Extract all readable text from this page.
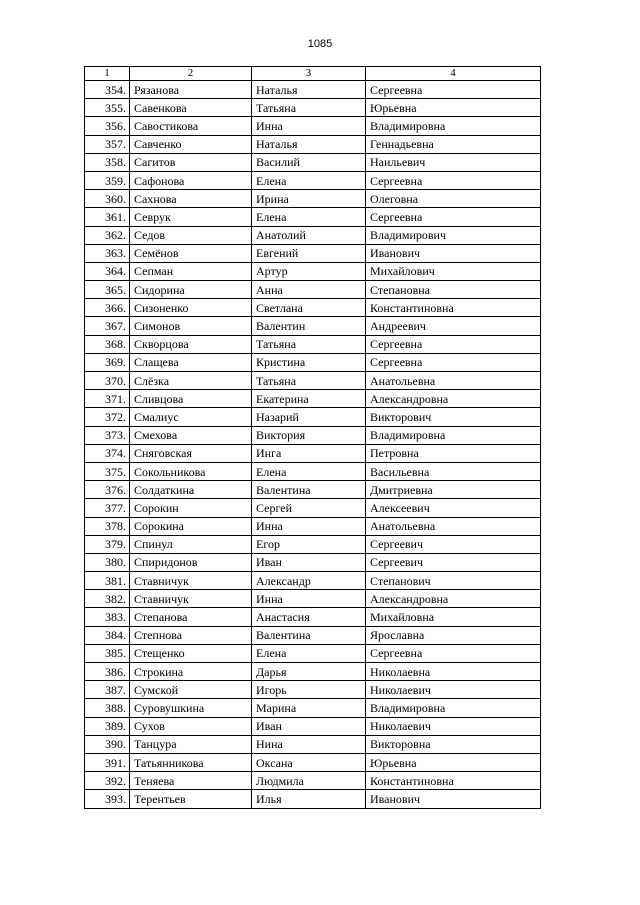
1085
1	2	3	4
354.	Рязанова	Наталья	Сергеевна
355.	Савенкова	Татьяна	Юрьевна
356.	Савостикова	Инна	Владимировна
357.	Савченко	Наталья	Геннадьевна
358.	Сагитов	Василий	Наильевич
359.	Сафонова	Елена	Сергеевна
360.	Сахнова	Ирина	Олеговна
361.	Севрук	Елена	Сергеевна
362.	Седов	Анатолий	Владимирович
363.	Семёнов	Евгений	Иванович
364.	Сепман	Артур	Михайлович
365.	Сидорина	Анна	Степановна
366.	Сизоненко	Светлана	Константиновна
367.	Симонов	Валентин	Андреевич
368.	Скворцова	Татьяна	Сергеевна
369.	Слащева	Кристина	Сергеевна
370.	Слёзка	Татьяна	Анатольевна
371.	Сливцова	Екатерина	Александровна
372.	Смалиус	Назарий	Викторович
373.	Смехова	Виктория	Владимировна
374.	Сняговская	Инга	Петровна
375.	Сокольникова	Елена	Васильевна
376.	Солдаткина	Валентина	Дмитриевна
377.	Сорокин	Сергей	Алексеевич
378.	Сорокина	Инна	Анатольевна
379.	Спинул	Егор	Сергеевич
380.	Спиридонов	Иван	Сергеевич
381.	Ставничук	Александр	Степанович
382.	Ставничук	Инна	Александровна
383.	Степанова	Анастасия	Михайловна
384.	Степнова	Валентина	Ярославна
385.	Стещенко	Елена	Сергеевна
386.	Строкина	Дарья	Николаевна
387.	Сумской	Игорь	Николаевич
388.	Суровушкина	Марина	Владимировна
389.	Сухов	Иван	Николаевич
390.	Танцура	Нина	Викторовна
391.	Татьянникова	Оксана	Юрьевна
392.	Теняева	Людмила	Константиновна
393.	Терентьев	Илья	Иванович
